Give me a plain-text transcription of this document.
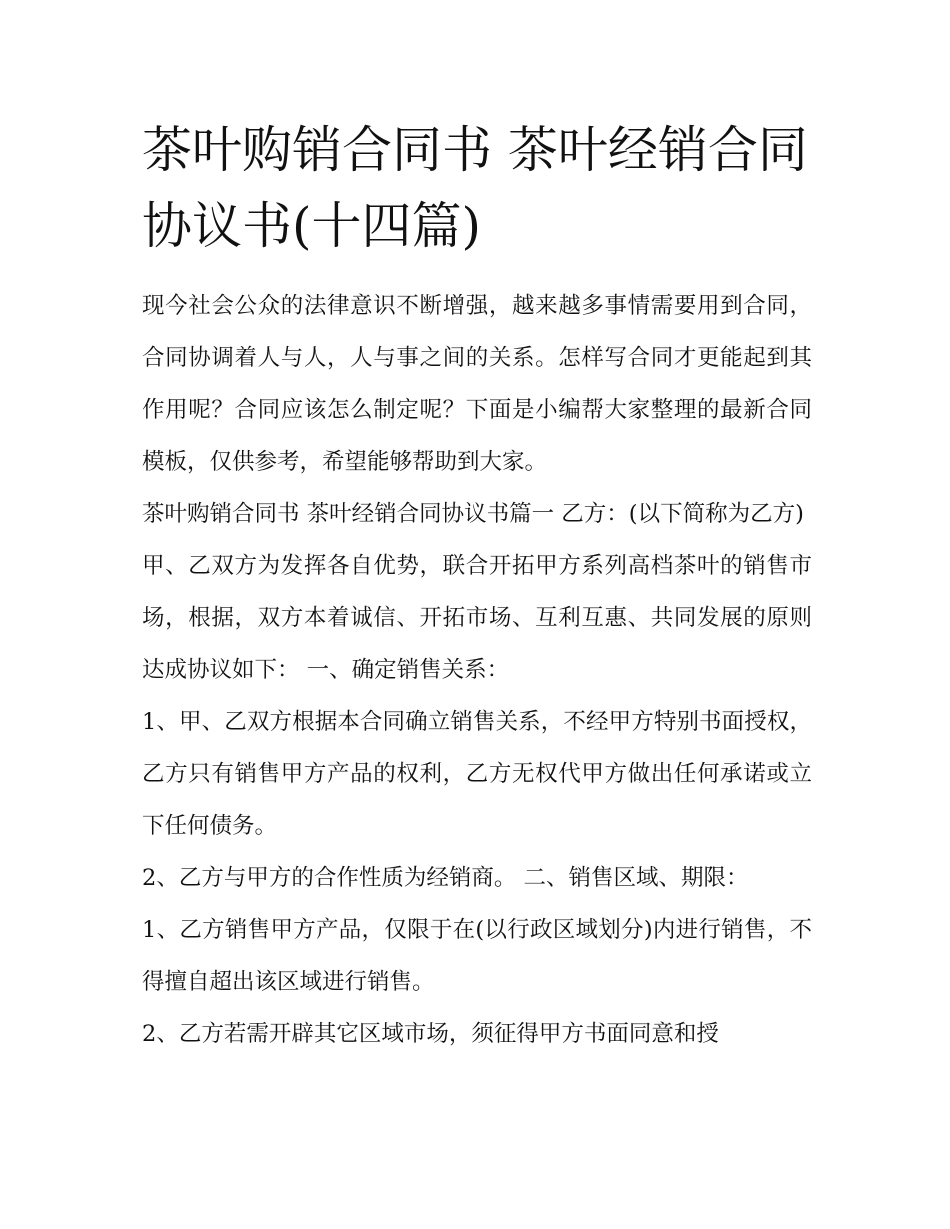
茶叶购销合同书 茶叶经销合同协议书(十四篇)

现今社会公众的法律意识不断增强，越来越多事情需要用到合同，合同协调着人与人，人与事之间的关系。怎样写合同才更能起到其作用呢？合同应该怎么制定呢？下面是小编帮大家整理的最新合同模板，仅供参考，希望能够帮助到大家。

茶叶购销合同书 茶叶经销合同协议书篇一 乙方：(以下简称为乙方)

甲、乙双方为发挥各自优势，联合开拓甲方系列高档茶叶的销售市场，根据，双方本着诚信、开拓市场、互利互惠、共同发展的原则达成协议如下： 一、确定销售关系：

1、甲、乙双方根据本合同确立销售关系，不经甲方特别书面授权，乙方只有销售甲方产品的权利，乙方无权代甲方做出任何承诺或立下任何债务。

2、乙方与甲方的合作性质为经销商。 二、销售区域、期限：

1、乙方销售甲方产品，仅限于在(以行政区域划分)内进行销售，不得擅自超出该区域进行销售。

2、乙方若需开辟其它区域市场，须征得甲方书面同意和授
